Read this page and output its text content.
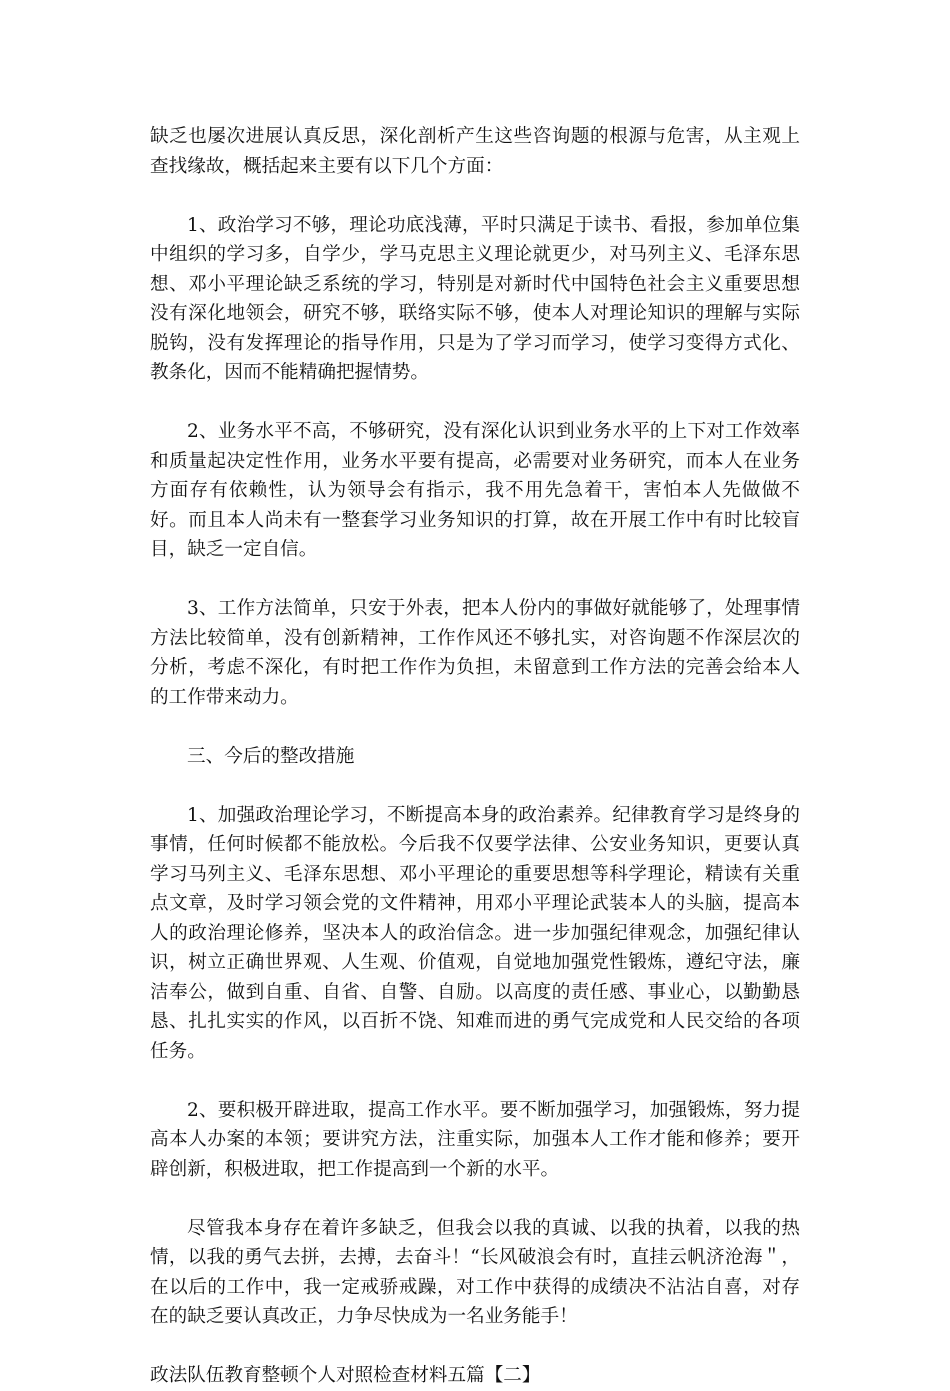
缺乏也屡次进展认真反思，深化剖析产生这些咨询题的根源与危害，从主观上查找缘故，概括起来主要有以下几个方面：

1、政治学习不够，理论功底浅薄，平时只满足于读书、看报，参加单位集中组织的学习多，自学少，学马克思主义理论就更少，对马列主义、毛泽东思想、邓小平理论缺乏系统的学习，特别是对新时代中国特色社会主义重要思想没有深化地领会，研究不够，联络实际不够，使本人对理论知识的理解与实际脱钩，没有发挥理论的指导作用，只是为了学习而学习，使学习变得方式化、教条化，因而不能精确把握情势。

2、业务水平不高，不够研究，没有深化认识到业务水平的上下对工作效率和质量起决定性作用，业务水平要有提高，必需要对业务研究，而本人在业务方面存有依赖性，认为领导会有指示，我不用先急着干，害怕本人先做做不好。而且本人尚未有一整套学习业务知识的打算，故在开展工作中有时比较盲目，缺乏一定自信。

3、工作方法简单，只安于外表，把本人份内的事做好就能够了，处理事情方法比较简单，没有创新精神，工作作风还不够扎实，对咨询题不作深层次的分析，考虑不深化，有时把工作作为负担，未留意到工作方法的完善会给本人的工作带来动力。

三、今后的整改措施

1、加强政治理论学习，不断提高本身的政治素养。纪律教育学习是终身的事情，任何时候都不能放松。今后我不仅要学法律、公安业务知识，更要认真学习马列主义、毛泽东思想、邓小平理论的重要思想等科学理论，精读有关重点文章，及时学习领会党的文件精神，用邓小平理论武装本人的头脑，提高本人的政治理论修养，坚决本人的政治信念。进一步加强纪律观念，加强纪律认识，树立正确世界观、人生观、价值观，自觉地加强党性锻炼，遵纪守法，廉洁奉公，做到自重、自省、自警、自励。以高度的责任感、事业心，以勤勤恳恳、扎扎实实的作风，以百折不饶、知难而进的勇气完成党和人民交给的各项任务。

2、要积极开辟进取，提高工作水平。要不断加强学习，加强锻炼，努力提高本人办案的本领；要讲究方法，注重实际，加强本人工作才能和修养；要开辟创新，积极进取，把工作提高到一个新的水平。

尽管我本身存在着许多缺乏，但我会以我的真诚、以我的执着，以我的热情，以我的勇气去拼，去搏，去奋斗！“长风破浪会有时，直挂云帆济沧海＂，在以后的工作中，我一定戒骄戒躁，对工作中获得的成绩决不沾沾自喜，对存在的缺乏要认真改正，力争尽快成为一名业务能手！

政法队伍教育整顿个人对照检查材料五篇【二】
